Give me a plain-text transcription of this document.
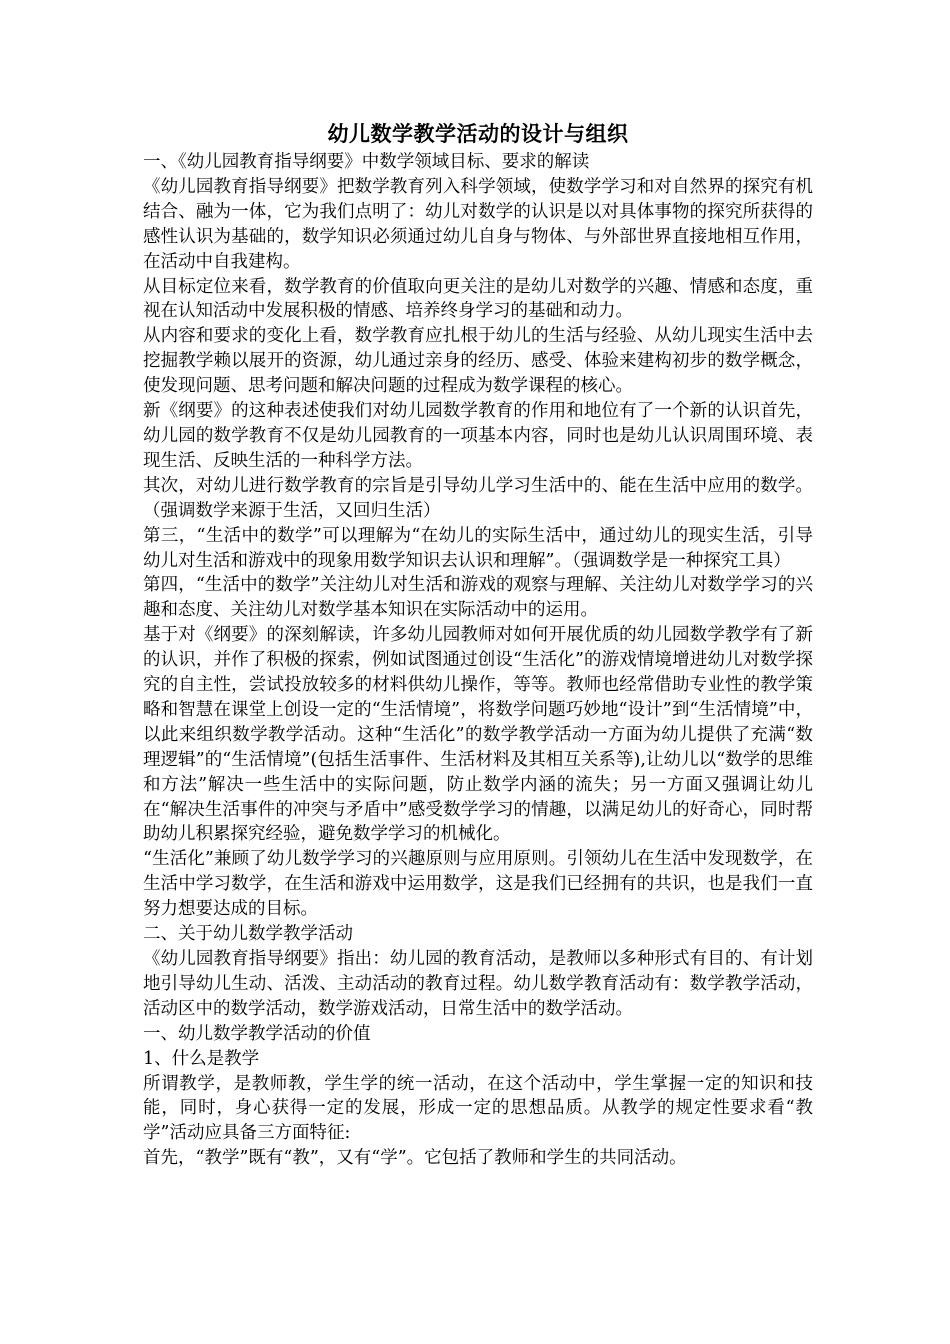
幼儿数学教学活动的设计与组织

一、《幼儿园教育指导纲要》中数学领域目标、要求的解读

《幼儿园教育指导纲要》把数学教育列入科学领域，使数学学习和对自然界的探究有机结合、融为一体，它为我们点明了：幼儿对数学的认识是以对具体事物的探究所获得的感性认识为基础的，数学知识必须通过幼儿自身与物体、与外部世界直接地相互作用，在活动中自我建构。

从目标定位来看，数学教育的价值取向更关注的是幼儿对数学的兴趣、情感和态度，重视在认知活动中发展积极的情感、培养终身学习的基础和动力。

从内容和要求的变化上看，数学教育应扎根于幼儿的生活与经验、从幼儿现实生活中去挖掘教学赖以展开的资源，幼儿通过亲身的经历、感受、体验来建构初步的数学概念，使发现问题、思考问题和解决问题的过程成为数学课程的核心。

新《纲要》的这种表述使我们对幼儿园数学教育的作用和地位有了一个新的认识首先，幼儿园的数学教育不仅是幼儿园教育的一项基本内容，同时也是幼儿认识周围环境、表现生活、反映生活的一种科学方法。

其次，对幼儿进行数学教育的宗旨是引导幼儿学习生活中的、能在生活中应用的数学。（强调数学来源于生活，又回归生活）

第三，“生活中的数学”可以理解为“在幼儿的实际生活中，通过幼儿的现实生活，引导幼儿对生活和游戏中的现象用数学知识去认识和理解”。（强调数学是一种探究工具）

第四，“生活中的数学”关注幼儿对生活和游戏的观察与理解、关注幼儿对数学学习的兴趣和态度、关注幼儿对数学基本知识在实际活动中的运用。

基于对《纲要》的深刻解读，许多幼儿园教师对如何开展优质的幼儿园数学教学有了新的认识，并作了积极的探索，例如试图通过创设“生活化”的游戏情境增进幼儿对数学探究的自主性，尝试投放较多的材料供幼儿操作，等等。教师也经常借助专业性的教学策略和智慧在课堂上创设一定的“生活情境”，将数学问题巧妙地“设计”到“生活情境”中，以此来组织数学教学活动。这种“生活化”的数学教学活动一方面为幼儿提供了充满“数理逻辑”的“生活情境”(包括生活事件、生活材料及其相互关系等),让幼儿以“数学的思维和方法”解决一些生活中的实际问题，防止数学内涵的流失；另一方面又强调让幼儿在“解决生活事件的冲突与矛盾中”感受数学学习的情趣，以满足幼儿的好奇心，同时帮助幼儿积累探究经验，避免数学学习的机械化。

“生活化”兼顾了幼儿数学学习的兴趣原则与应用原则。引领幼儿在生活中发现数学，在生活中学习数学，在生活和游戏中运用数学，这是我们已经拥有的共识，也是我们一直努力想要达成的目标。

二、关于幼儿数学教学活动

《幼儿园教育指导纲要》指出：幼儿园的教育活动，是教师以多种形式有目的、有计划地引导幼儿生动、活泼、主动活动的教育过程。幼儿数学教育活动有：数学教学活动，活动区中的数学活动，数学游戏活动，日常生活中的数学活动。

一、幼儿数学教学活动的价值

1、什么是教学

所谓教学，是教师教，学生学的统一活动，在这个活动中，学生掌握一定的知识和技能，同时，身心获得一定的发展，形成一定的思想品质。从教学的规定性要求看“教学”活动应具备三方面特征:

首先，“教学”既有“教”，又有“学”。它包括了教师和学生的共同活动。
